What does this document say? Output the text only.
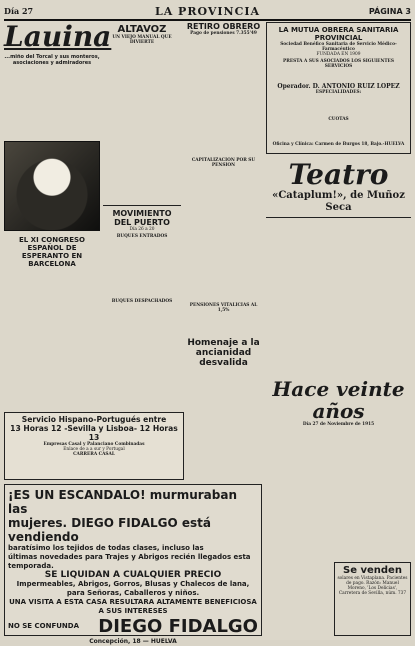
Día 27	LA PROVINCIA	PÁGINA 3
Lauina
...miño del Torcal y sus monteros, asociaciones y admiradores
EL XI CONGRESO ESPAÑOL DE ESPERANTO EN BARCELONA
ALTAVOZ
UN VIEJO MANUAL QUE DIVIERTE
MOVIMIENTO DEL PUERTO
Día 26 a 20
BUQUES ENTRADOS
BUQUES DESPACHADOS
RETIRO OBRERO
Pago de pensiones 7.355'49
CAPITALIZACION POR SU PENSION
PENSIONES VITALICIAS AL 1,5%
LA MUTUA OBRERA SANITARIA PROVINCIAL
Sociedad Benéfico Sanitaria de Servicio Médico-Farmacéutico
FUNDADA EN 1909
PRESTA A SUS ASOCIADOS LOS SIGUIENTES SERVICIOS
Operador. D. ANTONIO RUIZ LOPEZ
ESPECIALIDADES:
CUOTAS
Oficina y Clínica: Carmen de Burgos 18, Bajo.-HUELVA
Teatro
«Cataplum!», de Muñoz Seca
Homenaje a la ancianidad desvalida
Hace veinte años
Día 27 de Noviembre de 1915
Servicio Hispano-Portugués entre
13 Horas 12 -Sevilla y Lisboa- 12 Horas 13
Empresas Casal y Palanciano Combinadas
Enlace de a a sur y Portugal
CARRERA CASAL
¡ES UN ESCANDALO! murmuraban las
mujeres. DIEGO FIDALGO está vendiendo
baratísimo los tejidos de todas clases, incluso las
últimas novedades para Trajes y Abrigos recién llegados esta temporada.
SE LIQUIDAN A CUALQUIER PRECIO
Impermeables, Abrigos, Gorros, Blusas y Chalecos de lana, para Señoras, Caballeros y niños.
UNA VISITA A ESTA CASA RESULTARA ALTAMENTE BENEFICIOSA A SUS INTERESES
NO SE CONFUNDA DIEGO FIDALGO
Concepción, 18 — HUELVA
Se venden
solares en Vistaplana. Pacientes de pago. Razón: Manuel Moreno, 'Los Delicias', Carretera de Sevilla, núm. 737
